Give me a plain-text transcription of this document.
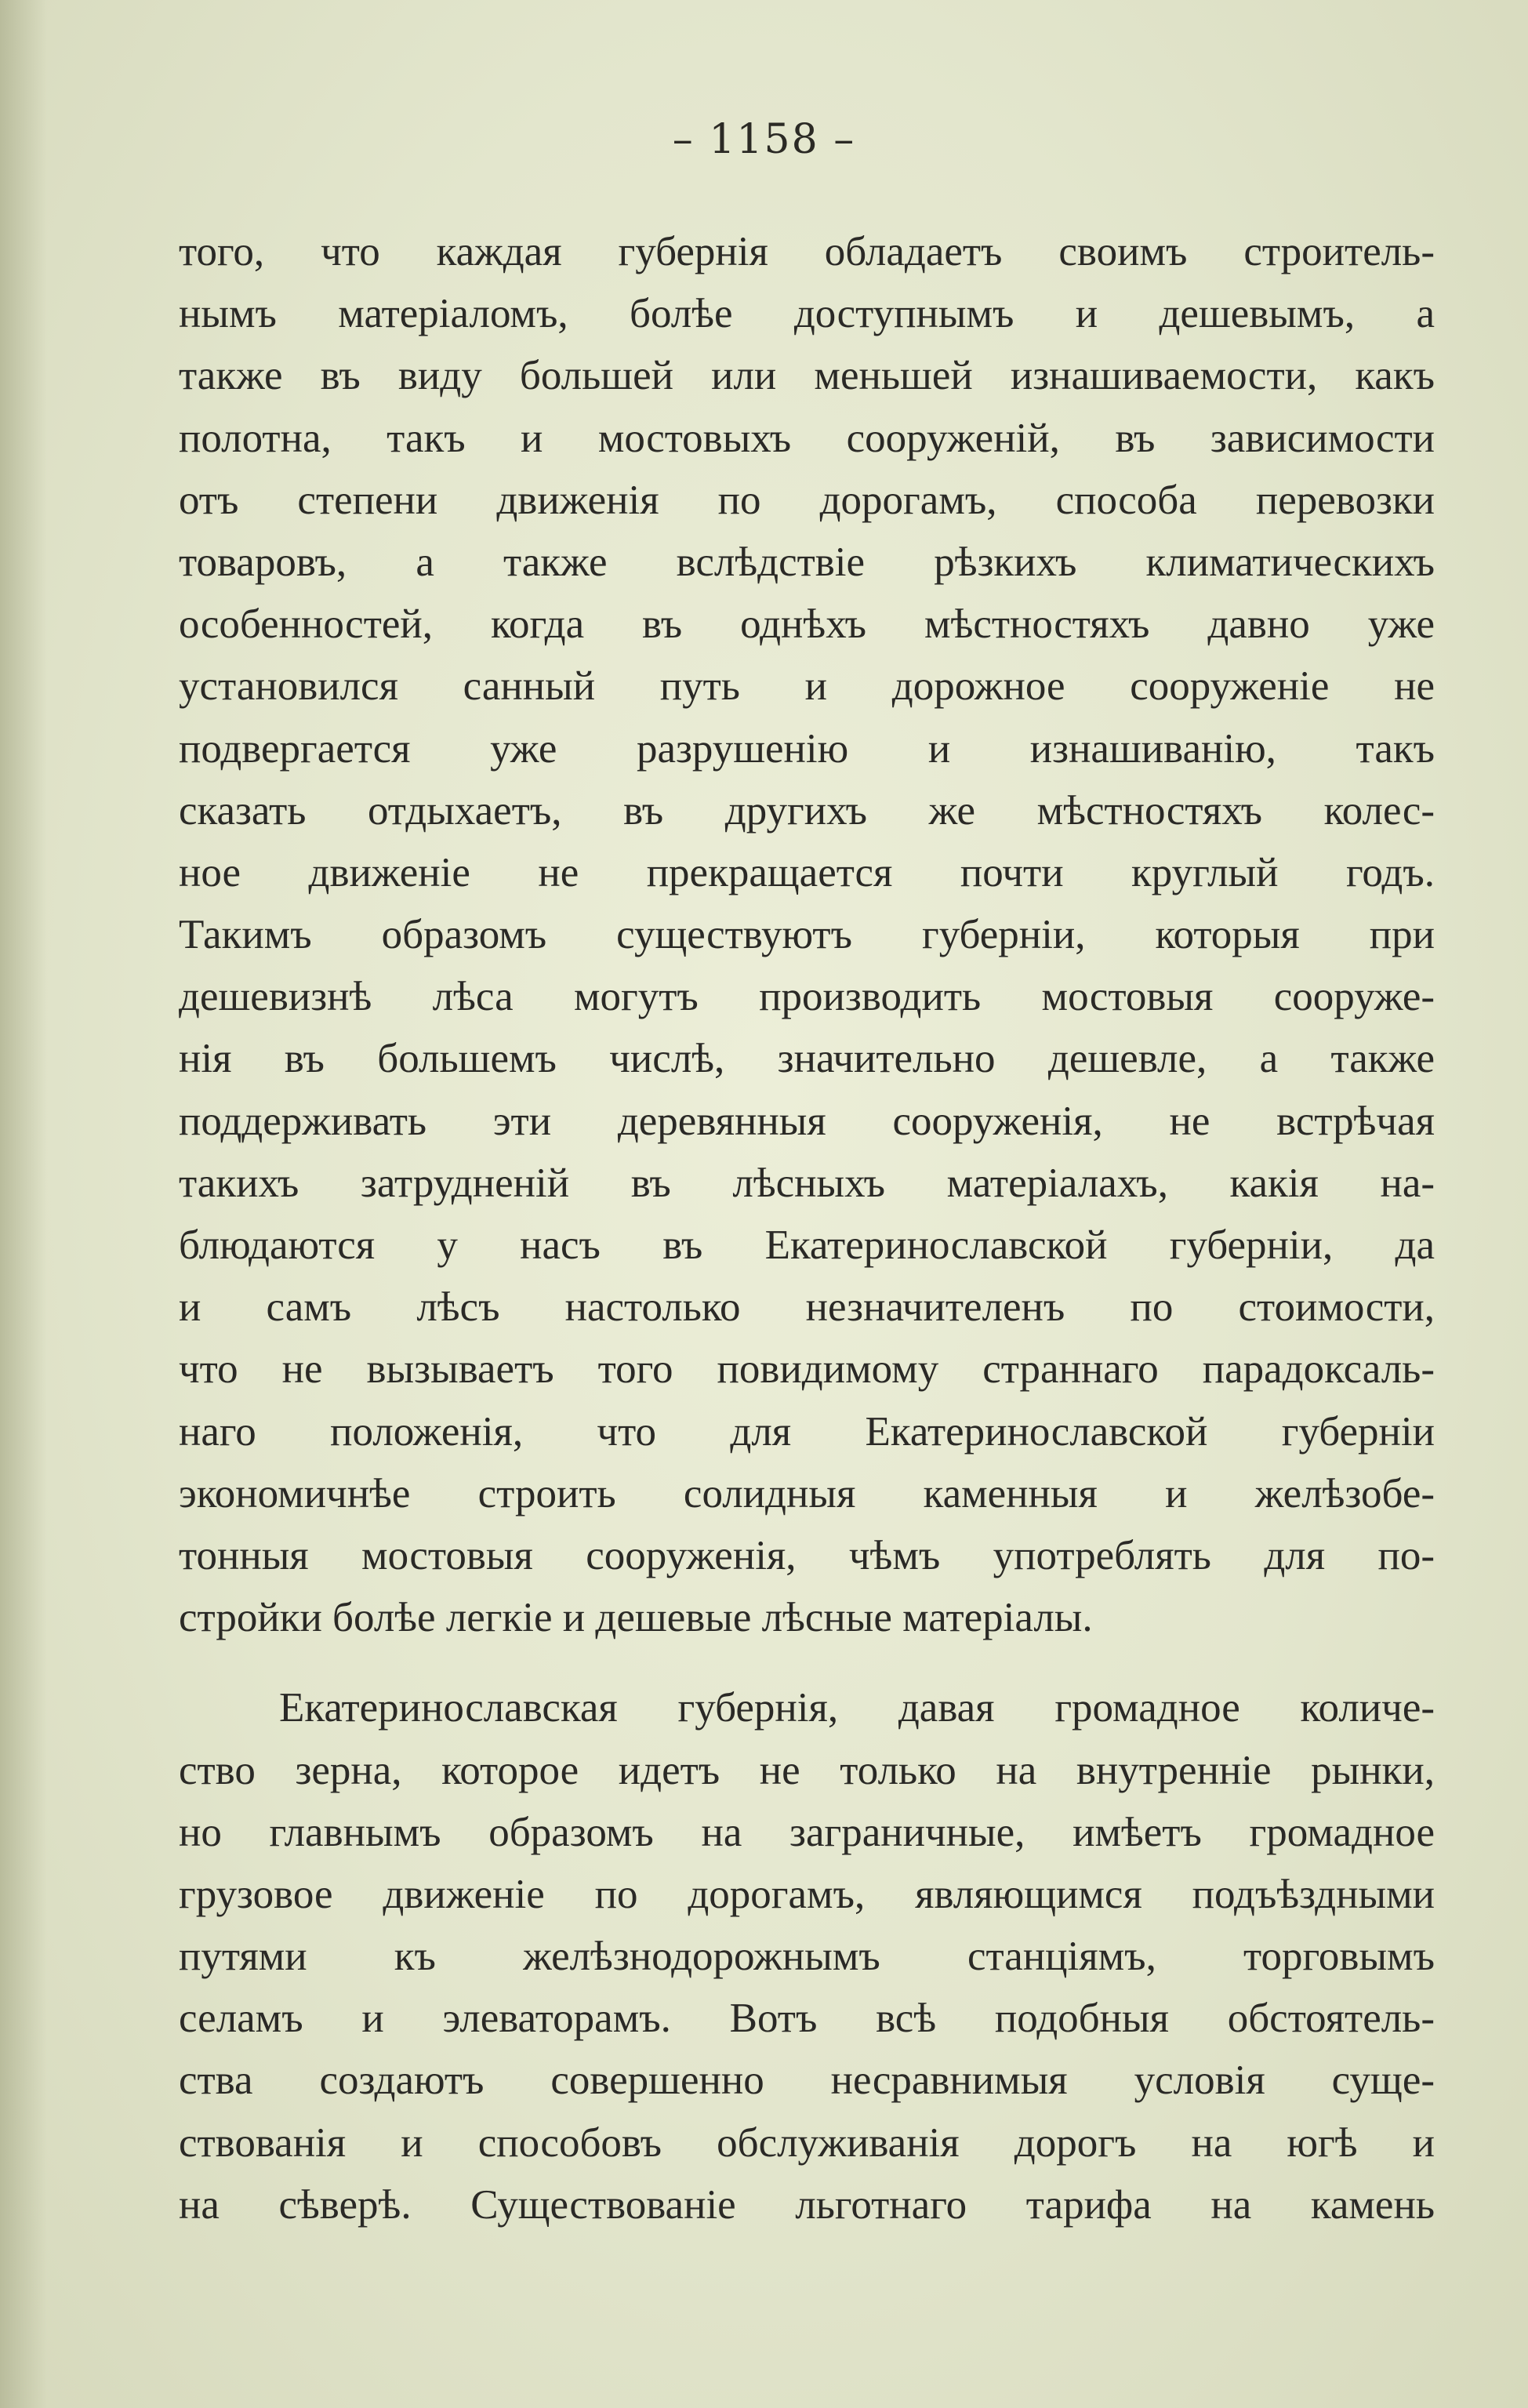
– 1158 –
того, что каждая губернія обладаетъ своимъ строитель-
нымъ матеріаломъ, болѣе доступнымъ и дешевымъ, а
также въ виду большей или меньшей изнашиваемости, какъ
полотна, такъ и мостовыхъ сооруженій, въ зависимости
отъ степени движенія по дорогамъ, способа перевозки
товаровъ, а также вслѣдствіе рѣзкихъ климатическихъ
особенностей, когда въ однѣхъ мѣстностяхъ давно уже
установился санный путь и дорожное сооруженіе не
подвергается уже разрушенію и изнашиванію, такъ
сказать отдыхаетъ, въ другихъ же мѣстностяхъ колес-
ное движеніе не прекращается почти круглый годъ.
Такимъ образомъ существуютъ губерніи, которыя при
дешевизнѣ лѣса могутъ производить мостовыя сооруже-
нія въ большемъ числѣ, значительно дешевле, а также
поддерживать эти деревянныя сооруженія, не встрѣчая
такихъ затрудненій въ лѣсныхъ матеріалахъ, какія на-
блюдаются у насъ въ Екатеринославской губерніи, да
и самъ лѣсъ настолько незначителенъ по стоимости,
что не вызываетъ того повидимому страннаго парадоксаль-
наго положенія, что для Екатеринославской губерніи
экономичнѣе строить солидныя каменныя и желѣзобе-
тонныя мостовыя сооруженія, чѣмъ употреблять для по-
стройки болѣе легкіе и дешевые лѣсные матеріалы.
Екатеринославская губернія, давая громадное количе-
ство зерна, которое идетъ не только на внутренніе рынки,
но главнымъ образомъ на заграничные, имѣетъ громадное
грузовое движеніе по дорогамъ, являющимся подъѣздными
путями къ желѣзнодорожнымъ станціямъ, торговымъ
селамъ и элеваторамъ. Вотъ всѣ подобныя обстоятель-
ства создаютъ совершенно несравнимыя условія суще-
ствованія и способовъ обслуживанія дорогъ на югѣ и
на сѣверѣ. Существованіе льготнаго тарифа на камень
